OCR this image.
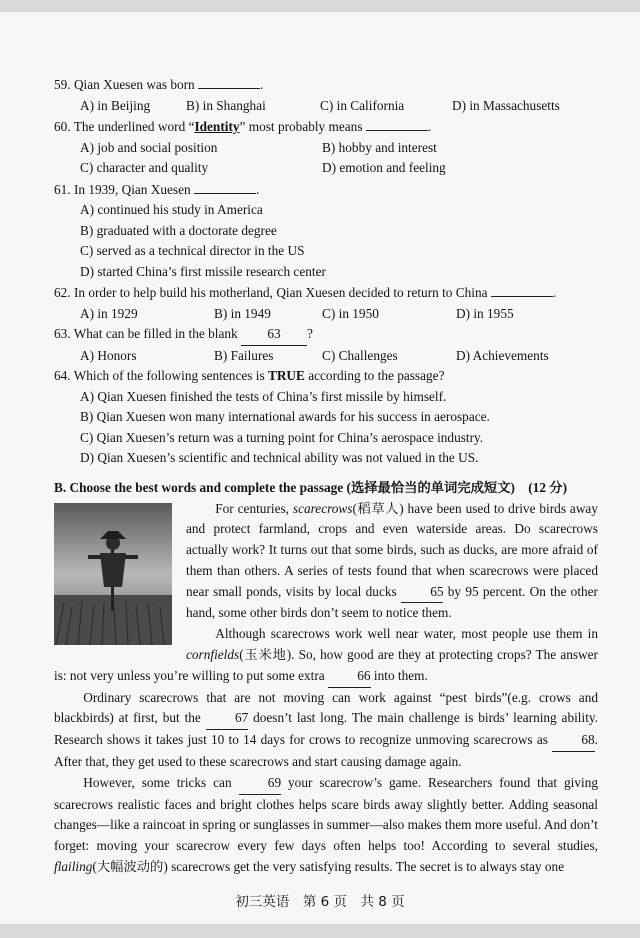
59. Qian Xuesen was born	.

A) in Beijing	B) in Shanghai	C) in California	D) in Massachusetts

60. The underlined word “Identity” most probably means	.

A) job and social position	B) hobby and interest
C) character and quality	D) emotion and feeling

61. In 1939, Qian Xuesen	.

A) continued his study in America
B) graduated with a doctorate degree
C) served as a technical director in the US
D) started China’s first missile research center

62. In order to help build his motherland, Qian Xuesen decided to return to China	.

A) in 1929	B) in 1949	C) in 1950	D) in 1955

63. What can be filled in the blank 63 ?

A) Honors	B) Failures	C) Challenges	D) Achievements

64. Which of the following sentences is TRUE according to the passage?

A) Qian Xuesen finished the tests of China’s first missile by himself.
B) Qian Xuesen won many international awards for his success in aerospace.
C) Qian Xuesen’s return was a turning point for China’s aerospace industry.
D) Qian Xuesen’s scientific and technical ability was not valued in the US.
B. Choose the best words and complete the passage (选择最恰当的单词完成短文)　(12 分)

For centuries, scarecrows(稻草人) have been used to drive birds away and protect farmland, crops and even waterside areas. Do scarecrows actually work? It turns out that some birds, such as ducks, are more afraid of them than others. A series of tests found that when scarecrows were placed near small ponds, visits by local ducks 65 by 95 percent. On the other hand, some other birds don’t seem to notice them.

Although scarecrows work well near water, most people use them in cornfields(玉米地). So, how good are they at protecting crops? The answer is: not very unless you’re willing to put some extra 66 into them.

Ordinary scarecrows that are not moving can work against “pest birds”(e.g. crows and blackbirds) at first, but the 67 doesn’t last long. The main challenge is birds’ learning ability. Research shows it takes just 10 to 14 days for crows to recognize unmoving scarecrows as 68. After that, they get used to these scarecrows and start causing damage again.

However, some tricks can 69 your scarecrow’s game. Researchers found that giving scarecrows realistic faces and bright clothes helps scare birds away slightly better. Adding seasonal changes—like a raincoat in spring or sunglasses in summer—also makes them more useful. And don’t forget: moving your scarecrow every few days often helps too! According to several studies, flailing(大幅波动的) scarecrows get the very satisfying results. The secret is to always stay one

初三英语　第 6 页　共 8 页
